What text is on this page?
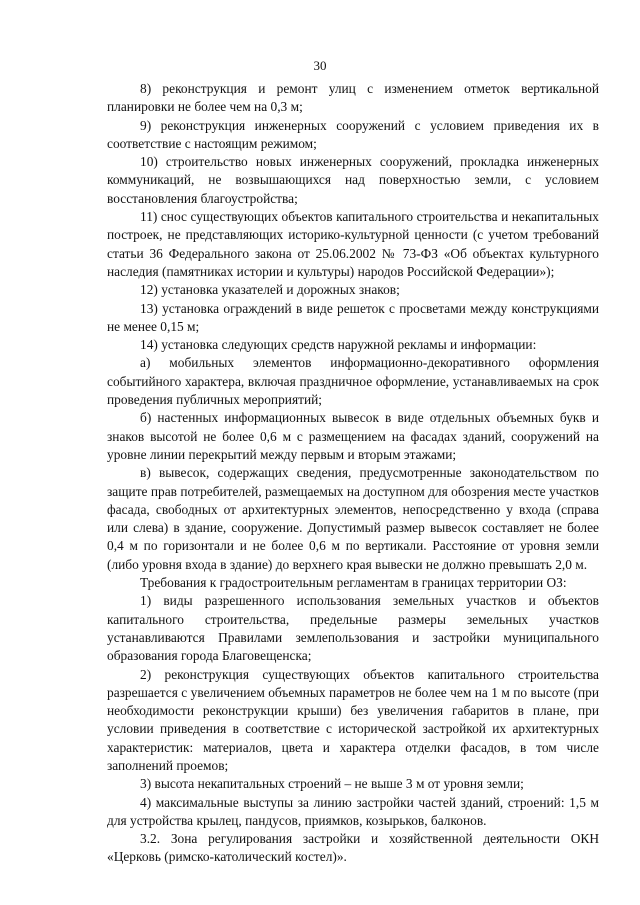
30

8) реконструкция и ремонт улиц с изменением отметок вертикальной планировки не более чем на 0,3 м;

9) реконструкция инженерных сооружений с условием приведения их в соответствие с настоящим режимом;

10) строительство новых инженерных сооружений, прокладка инженерных коммуникаций, не возвышающихся над поверхностью земли, с условием восстановления благоустройства;

11) снос существующих объектов капитального строительства и некапитальных построек, не представляющих историко-культурной ценности (с учетом требований статьи 36 Федерального закона от 25.06.2002 № 73-ФЗ «Об объектах культурного наследия (памятниках истории и культуры) народов Российской Федерации»);

12) установка указателей и дорожных знаков;

13) установка ограждений в виде решеток с просветами между конструкциями не менее 0,15 м;

14) установка следующих средств наружной рекламы и информации:

а) мобильных элементов информационно-декоративного оформления событийного характера, включая праздничное оформление, устанавливаемых на срок проведения публичных мероприятий;

б) настенных информационных вывесок в виде отдельных объемных букв и знаков высотой не более 0,6 м с размещением на фасадах зданий, сооружений на уровне линии перекрытий между первым и вторым этажами;

в) вывесок, содержащих сведения, предусмотренные законодательством по защите прав потребителей, размещаемых на доступном для обозрения месте участков фасада, свободных от архитектурных элементов, непосредственно у входа (справа или слева) в здание, сооружение. Допустимый размер вывесок составляет не более 0,4 м по горизонтали и не более 0,6 м по вертикали. Расстояние от уровня земли (либо уровня входа в здание) до верхнего края вывески не должно превышать 2,0 м.

Требования к градостроительным регламентам в границах территории ОЗ:

1) виды разрешенного использования земельных участков и объектов капитального строительства, предельные размеры земельных участков устанавливаются Правилами землепользования и застройки муниципального образования города Благовещенска;

2) реконструкция существующих объектов капитального строительства разрешается с увеличением объемных параметров не более чем на 1 м по высоте (при необходимости реконструкции крыши) без увеличения габаритов в плане, при условии приведения в соответствие с исторической застройкой их архитектурных характеристик: материалов, цвета и характера отделки фасадов, в том числе заполнений проемов;

3) высота некапитальных строений – не выше 3 м от уровня земли;

4) максимальные выступы за линию застройки частей зданий, строений: 1,5 м для устройства крылец, пандусов, приямков, козырьков, балконов.

3.2. Зона регулирования застройки и хозяйственной деятельности ОКН «Церковь (римско-католический костел)».
